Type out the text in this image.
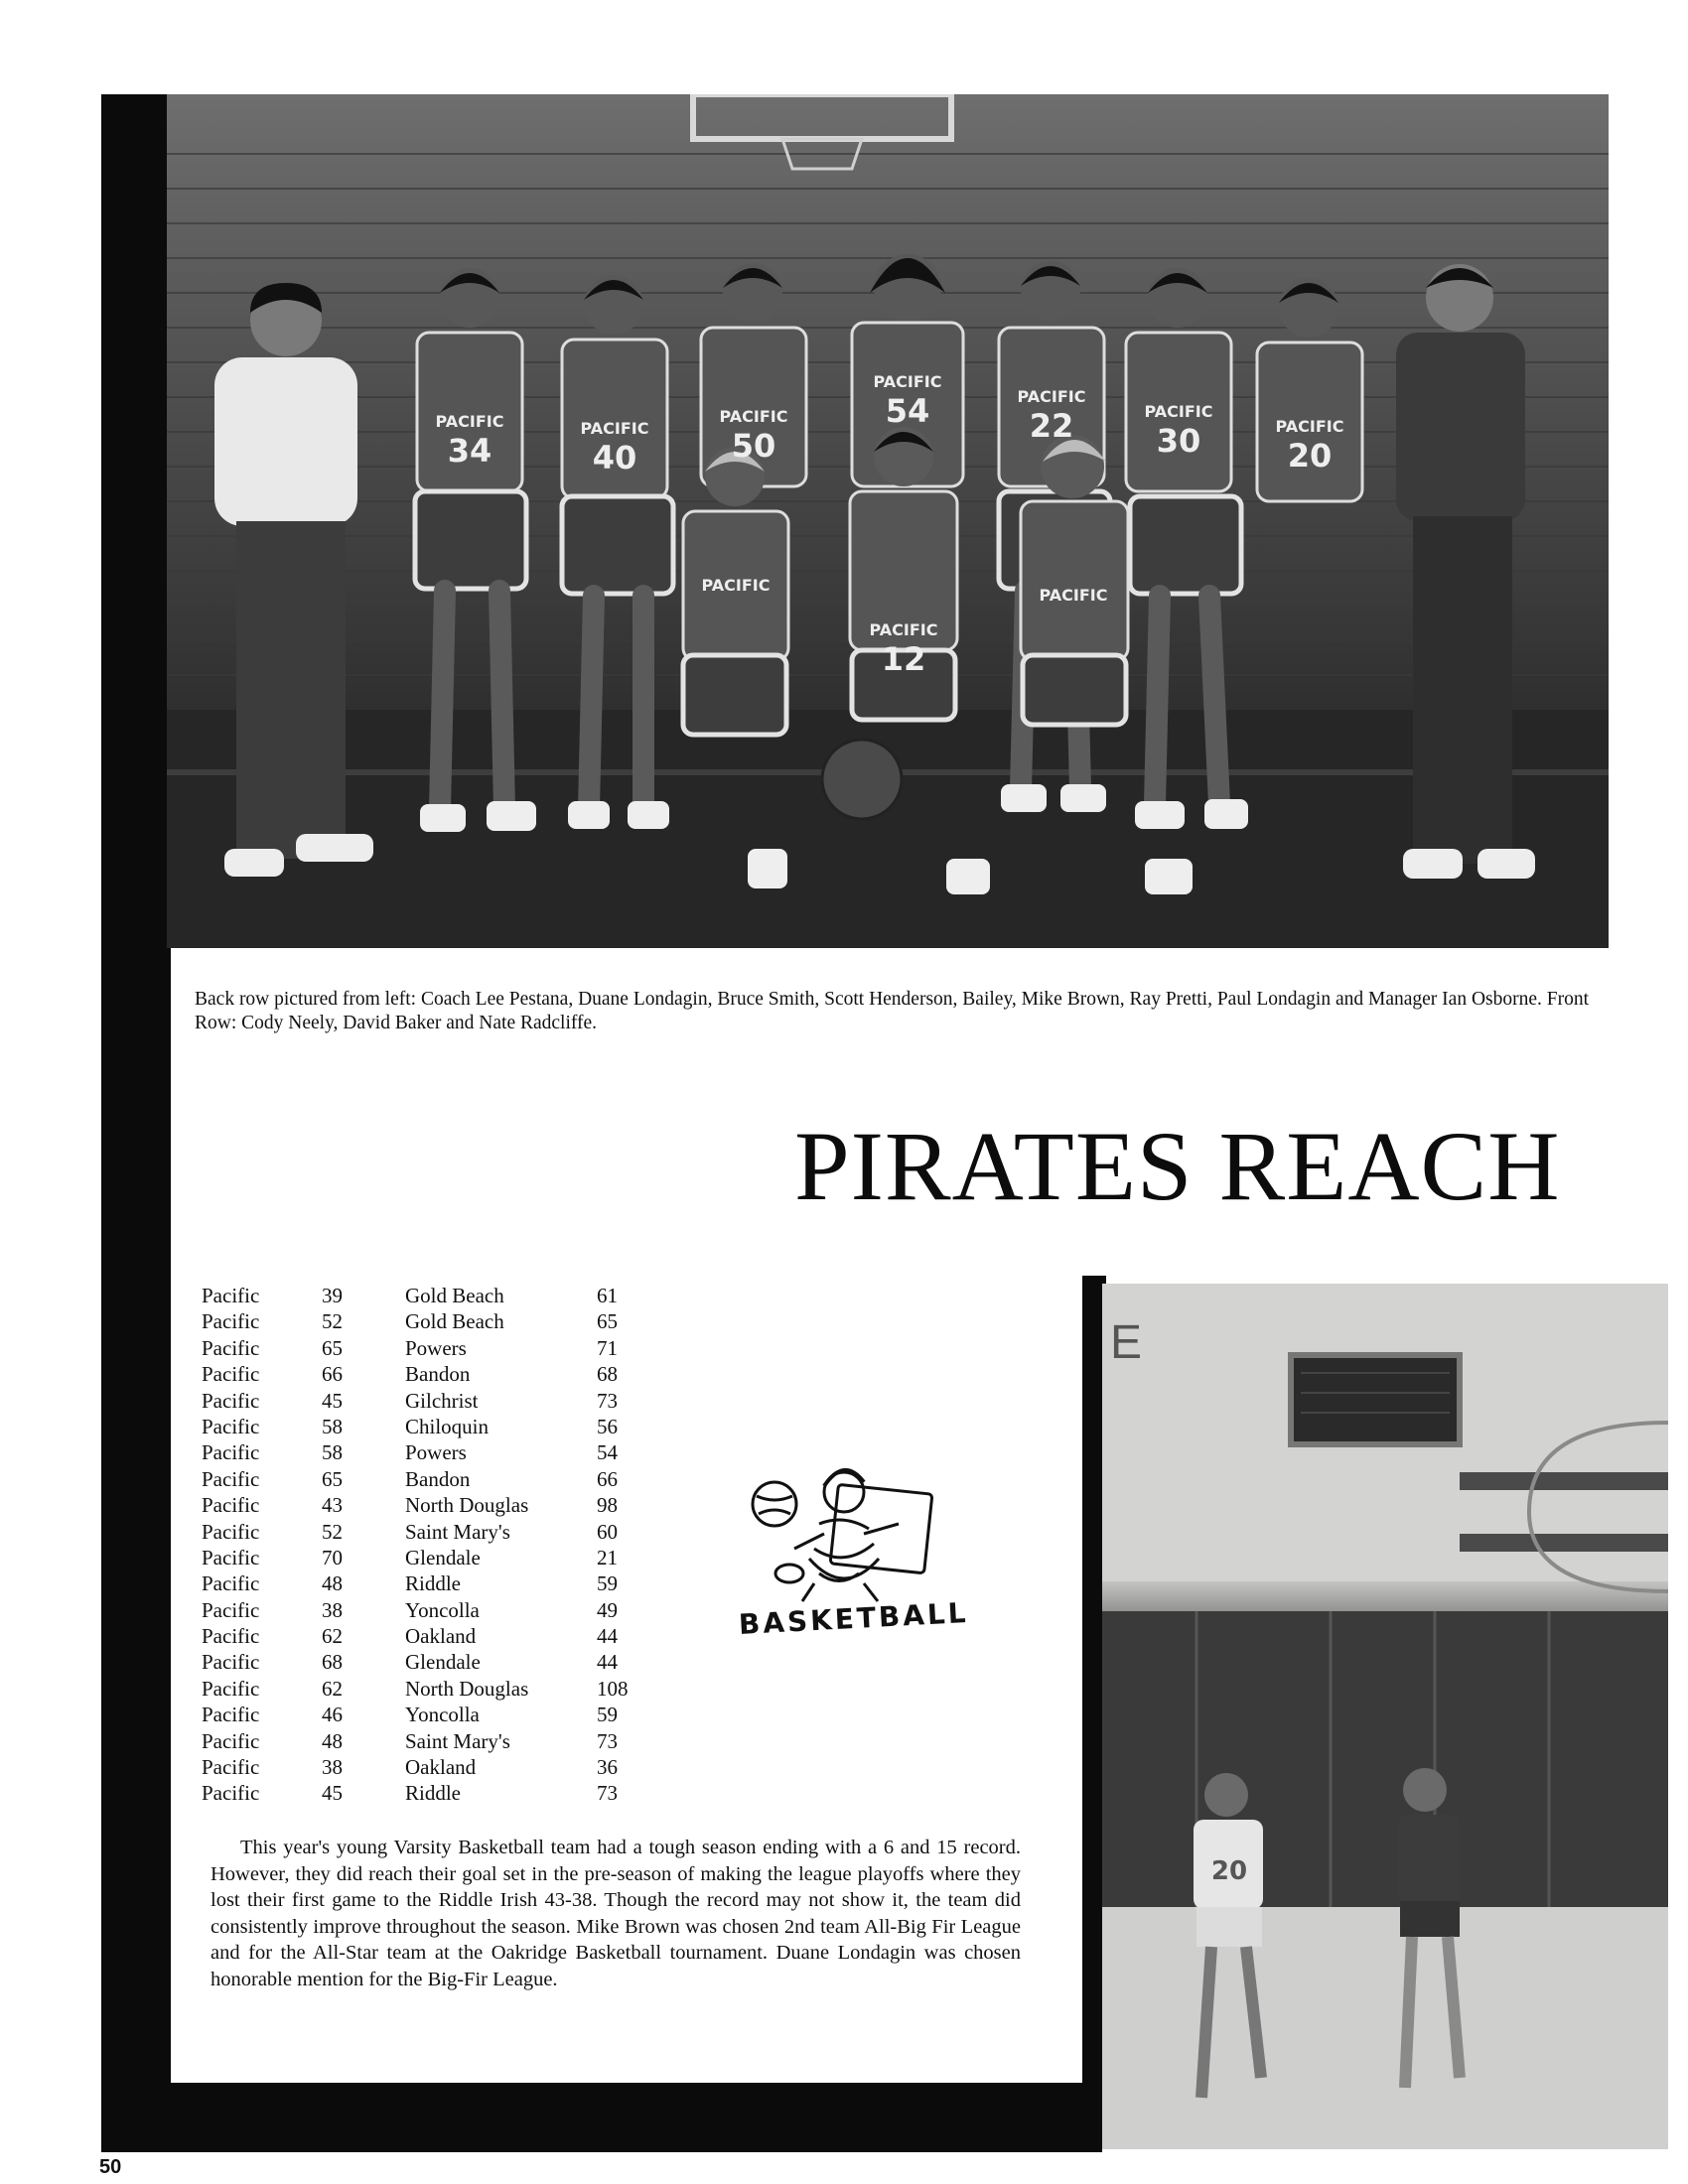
34	40	50
54	22	30	20
12
PACIFIC	PACIFIC
PACIFIC
PACIFIC
PACIFIC
PACIFIC
PACIFIC
PACIFIC
PACIFIC
PACIFIC
Back row pictured from left: Coach Lee Pestana, Duane Londagin, Bruce Smith, Scott Henderson, Bailey, Mike Brown, Ray Pretti, Paul Londagin and Manager Ian Osborne. Front Row: Cody Neely, David Baker and Nate Radcliffe.
PIRATES REACH
Pacific	39	Gold Beach	61
Pacific	52	Gold Beach	65
Pacific	65	Powers	71
Pacific	66	Bandon	68
Pacific	45	Gilchrist	73
Pacific	58	Chiloquin	56
Pacific	58	Powers	54
Pacific	65	Bandon	66
Pacific	43	North Douglas	98
Pacific	52	Saint Mary's	60
Pacific	70	Glendale	21
Pacific	48	Riddle	59
Pacific	38	Yoncolla	49
Pacific	62	Oakland	44
Pacific	68	Glendale	44
Pacific	62	North Douglas	108
Pacific	46	Yoncolla	59
Pacific	48	Saint Mary's	73
Pacific	38	Oakland	36
Pacific	45	Riddle	73
BASKETBALL
This year's young Varsity Basketball team had a tough season ending with a 6 and 15 record. However, they did reach their goal set in the pre-season of making the league playoffs where they lost their first game to the Riddle Irish 43-38. Though the record may not show it, the team did consistently improve throughout the season. Mike Brown was chosen 2nd team All-Big Fir League and for the All-Star team at the Oakridge Basketball tournament. Duane Londagin was chosen honorable mention for the Big-Fir League.
E
20
50
